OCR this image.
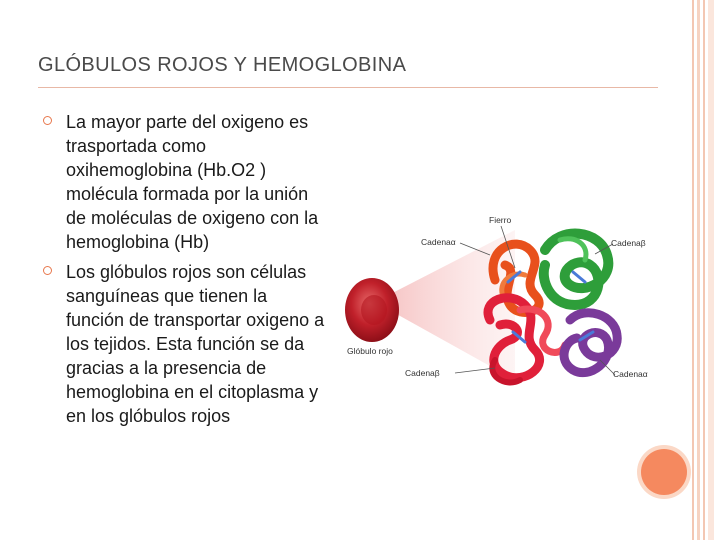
GLÓBULOS ROJOS Y HEMOGLOBINA
La mayor parte del oxigeno es trasportada como oxihemoglobina (Hb.O2 ) molécula formada por la unión de moléculas de oxigeno con la hemoglobina (Hb)
Los glóbulos rojos son células sanguíneas que tienen la función de transportar oxigeno a los tejidos. Esta función se da gracias a la presencia de hemoglobina en el citoplasma y en los glóbulos rojos
Fierro
Cadenaα	Cadenaβ
Glóbulo rojo
Cadenaβ	Cadenaα
